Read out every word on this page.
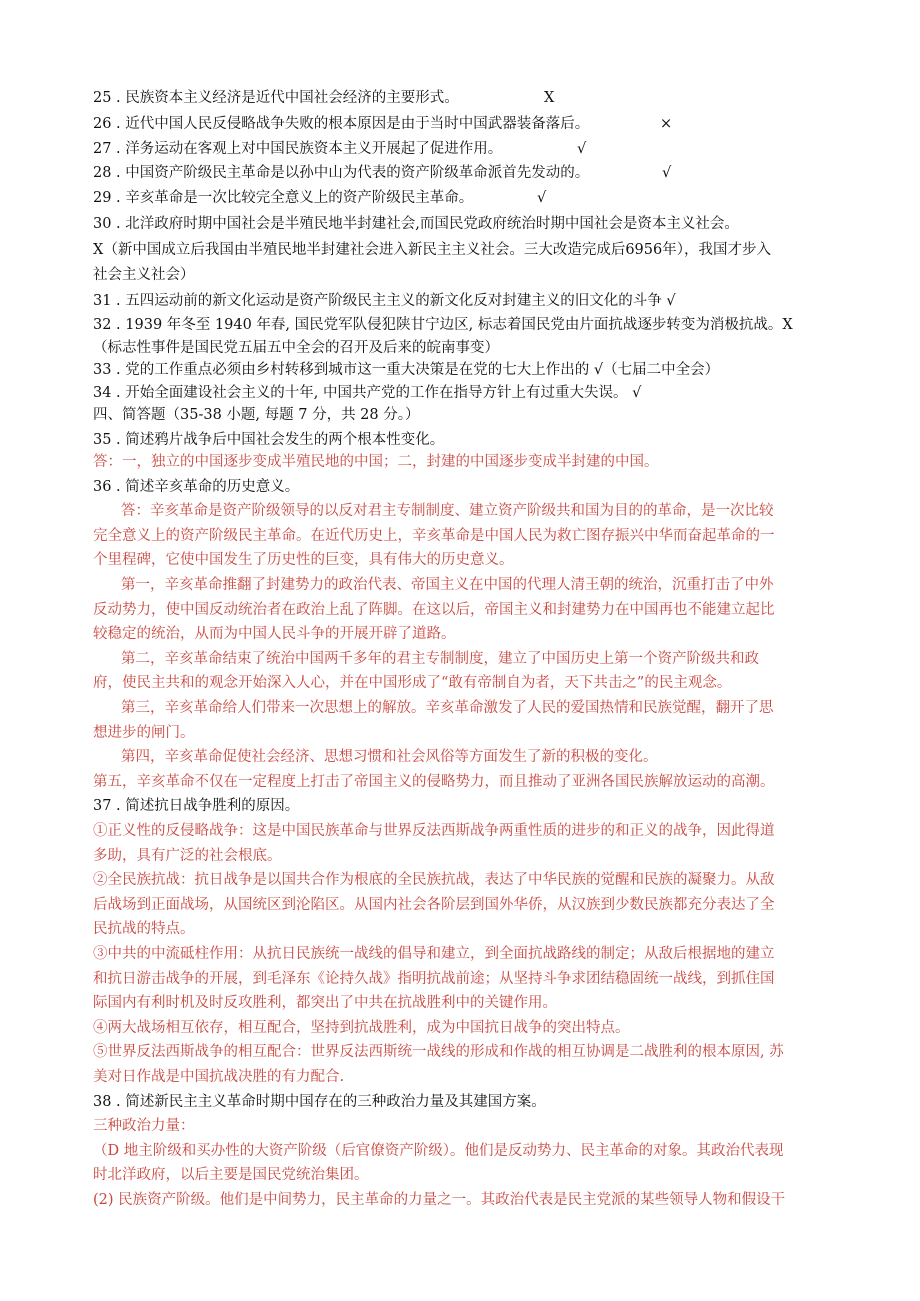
25 . 民族资本主义经济是近代中国社会经济的主要形式。	X
26 . 近代中国人民反侵略战争失败的根本原因是由于当时中国武器装备落后。	×
27 . 洋务运动在客观上对中国民族资本主义开展起了促进作用。	√
28 . 中国资产阶级民主革命是以孙中山为代表的资产阶级革命派首先发动的。	√
29 . 辛亥革命是一次比较完全意义上的资产阶级民主革命。	√
30 . 北洋政府时期中国社会是半殖民地半封建社会,而国民党政府统治时期中国社会是资本主义社会。
X（新中国成立后我国由半殖民地半封建社会进入新民主主义社会。三大改造完成后6956年），我国才步入
社会主义社会）
31 . 五四运动前的新文化运动是资产阶级民主主义的新文化反对封建主义的旧文化的斗争 √
32 . 1939 年冬至 1940 年春, 国民党军队侵犯陕甘宁边区, 标志着国民党由片面抗战逐步转变为消极抗战。X
（标志性事件是国民党五届五中全会的召开及后来的皖南事变）
33 . 党的工作重点必须由乡村转移到城市这一重大决策是在党的七大上作出的 √（七届二中全会）
34 . 开始全面建设社会主义的十年, 中国共产党的工作在指导方针上有过重大失误。 √
四、简答题（35-38 小题, 每题 7 分，共 28 分。）
35 . 简述鸦片战争后中国社会发生的两个根本性变化。
答：一，独立的中国逐步变成半殖民地的中国；二，封建的中国逐步变成半封建的中国。
36 . 简述辛亥革命的历史意义。
答：辛亥革命是资产阶级领导的以反对君主专制制度、建立资产阶级共和国为目的的革命，是一次比较
完全意义上的资产阶级民主革命。在近代历史上，辛亥革命是中国人民为救亡图存振兴中华而奋起革命的一
个里程碑，它使中国发生了历史性的巨变，具有伟大的历史意义。
第一，辛亥革命推翻了封建势力的政治代表、帝国主义在中国的代理人清王朝的统治，沉重打击了中外
反动势力，使中国反动统治者在政治上乱了阵脚。在这以后，帝国主义和封建势力在中国再也不能建立起比
较稳定的统治，从而为中国人民斗争的开展开辟了道路。
第二，辛亥革命结束了统治中国两千多年的君主专制制度，建立了中国历史上第一个资产阶级共和政
府，使民主共和的观念开始深入人心，并在中国形成了“敢有帝制自为者，天下共击之”的民主观念。
第三，辛亥革命给人们带来一次思想上的解放。辛亥革命激发了人民的爱国热情和民族觉醒，翻开了思
想进步的闸门。
第四，辛亥革命促使社会经济、思想习惯和社会风俗等方面发生了新的积极的变化。
第五，辛亥革命不仅在一定程度上打击了帝国主义的侵略势力，而且推动了亚洲各国民族解放运动的高潮。
37 . 简述抗日战争胜利的原因。
①正义性的反侵略战争：这是中国民族革命与世界反法西斯战争两重性质的进步的和正义的战争，因此得道
多助，具有广泛的社会根底。
②全民族抗战：抗日战争是以国共合作为根底的全民族抗战，表达了中华民族的觉醒和民族的凝聚力。从敌
后战场到正面战场，从国统区到沦陷区。从国内社会各阶层到国外华侨，从汉族到少数民族都充分表达了全
民抗战的特点。
③中共的中流砥柱作用：从抗日民族统一战线的倡导和建立，到全面抗战路线的制定；从敌后根据地的建立
和抗日游击战争的开展，到毛泽东《论持久战》指明抗战前途；从坚持斗争求团结稳固统一战线，到抓住国
际国内有利时机及时反攻胜利，都突出了中共在抗战胜利中的关键作用。
④两大战场相互依存，相互配合，坚持到抗战胜利，成为中国抗日战争的突出特点。
⑤世界反法西斯战争的相互配合：世界反法西斯统一战线的形成和作战的相互协调是二战胜利的根本原因, 苏
美对日作战是中国抗战决胜的有力配合.
38 . 简述新民主主义革命时期中国存在的三种政治力量及其建国方案。
三种政治力量：
（D 地主阶级和买办性的大资产阶级（后官僚资产阶级）。他们是反动势力、民主革命的对象。其政治代表现
时北洋政府，以后主要是国民党统治集团。
(2) 民族资产阶级。他们是中间势力，民主革命的力量之一。其政治代表是民主党派的某些领导人物和假设干
